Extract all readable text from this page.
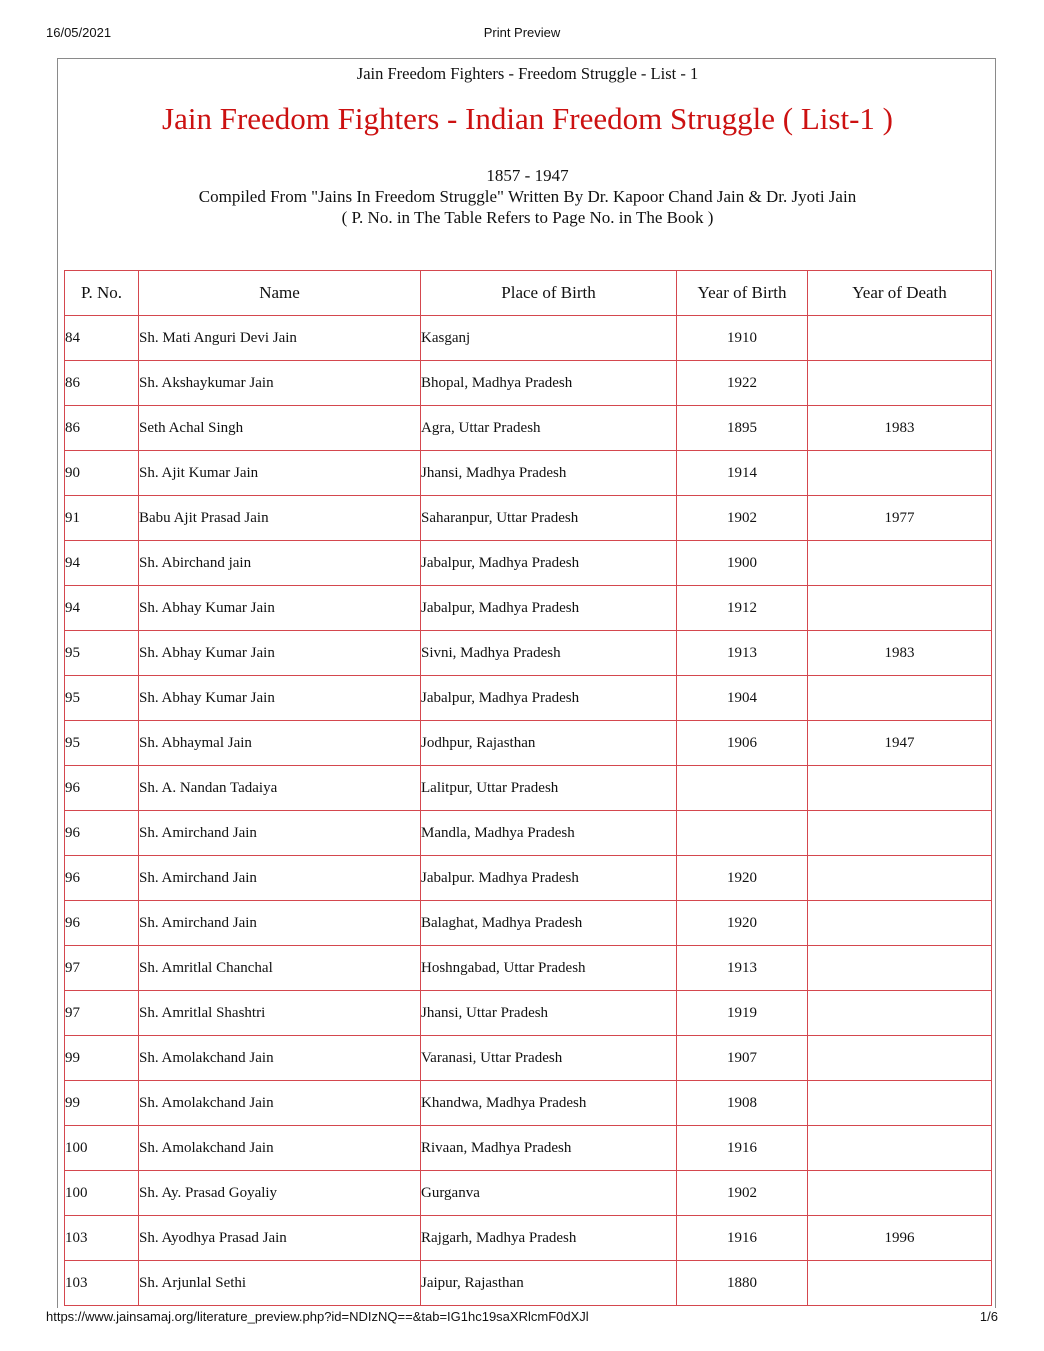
16/05/2021	Print Preview
Jain Freedom Fighters - Freedom Struggle - List - 1
Jain Freedom Fighters - Indian Freedom Struggle ( List-1 )
1857 - 1947
Compiled From "Jains In Freedom Struggle" Written By Dr. Kapoor Chand Jain & Dr. Jyoti Jain
( P. No. in The Table Refers to Page No. in The Book )
P. No.	Name	Place of Birth	Year of Birth	Year of Death
84	Sh. Mati Anguri Devi Jain	Kasganj	1910	
86	Sh. Akshaykumar Jain	Bhopal, Madhya Pradesh	1922	
86	Seth Achal Singh	Agra, Uttar Pradesh	1895	1983
90	Sh. Ajit Kumar Jain	Jhansi, Madhya Pradesh	1914	
91	Babu Ajit Prasad Jain	Saharanpur, Uttar Pradesh	1902	1977
94	Sh. Abirchand jain	Jabalpur, Madhya Pradesh	1900	
94	Sh. Abhay Kumar Jain	Jabalpur, Madhya Pradesh	1912	
95	Sh. Abhay Kumar Jain	Sivni, Madhya Pradesh	1913	1983
95	Sh. Abhay Kumar Jain	Jabalpur, Madhya Pradesh	1904	
95	Sh. Abhaymal Jain	Jodhpur, Rajasthan	1906	1947
96	Sh. A. Nandan Tadaiya	Lalitpur, Uttar Pradesh		
96	Sh. Amirchand Jain	Mandla, Madhya Pradesh		
96	Sh. Amirchand Jain	Jabalpur. Madhya Pradesh	1920	
96	Sh. Amirchand Jain	Balaghat, Madhya Pradesh	1920	
97	Sh. Amritlal Chanchal	Hoshngabad, Uttar Pradesh	1913	
97	Sh. Amritlal Shashtri	Jhansi, Uttar Pradesh	1919	
99	Sh. Amolakchand Jain	Varanasi, Uttar Pradesh	1907	
99	Sh. Amolakchand Jain	Khandwa, Madhya Pradesh	1908	
100	Sh. Amolakchand Jain	Rivaan, Madhya Pradesh	1916	
100	Sh. Ay. Prasad Goyaliy	Gurganva	1902	
103	Sh. Ayodhya Prasad Jain	Rajgarh, Madhya Pradesh	1916	1996
103	Sh. Arjunlal Sethi	Jaipur, Rajasthan	1880	
https://www.jainsamaj.org/literature_preview.php?id=NDIzNQ==&tab=IG1hc19saXRlcmF0dXJl	1/6
